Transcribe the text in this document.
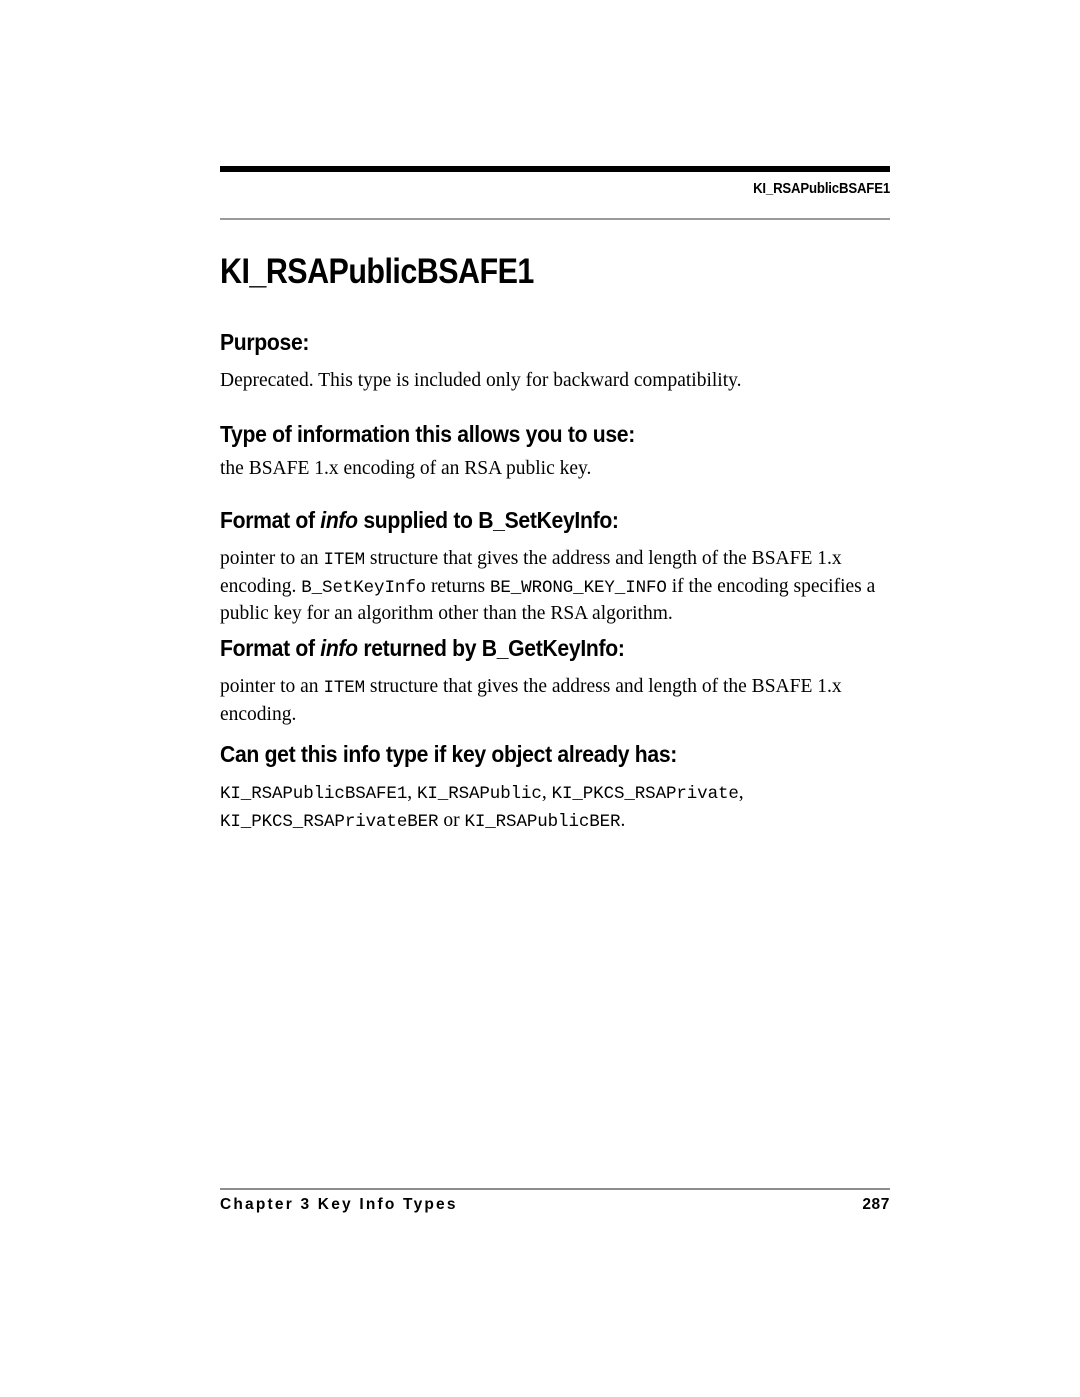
KI_RSAPublicBSAFE1
KI_RSAPublicBSAFE1
Purpose:

Deprecated. This type is included only for backward compatibility.

Type of information this allows you to use:

the BSAFE 1.x encoding of an RSA public key.

Format of info supplied to B_SetKeyInfo:

pointer to an ITEM structure that gives the address and length of the BSAFE 1.x encoding. B_SetKeyInfo returns BE_WRONG_KEY_INFO if the encoding specifies a public key for an algorithm other than the RSA algorithm.

Format of info returned by B_GetKeyInfo:

pointer to an ITEM structure that gives the address and length of the BSAFE 1.x encoding.

Can get this info type if key object already has:

KI_RSAPublicBSAFE1, KI_RSAPublic, KI_PKCS_RSAPrivate, KI_PKCS_RSAPrivateBER or KI_RSAPublicBER.

Chapter 3 Key Info Types	287
